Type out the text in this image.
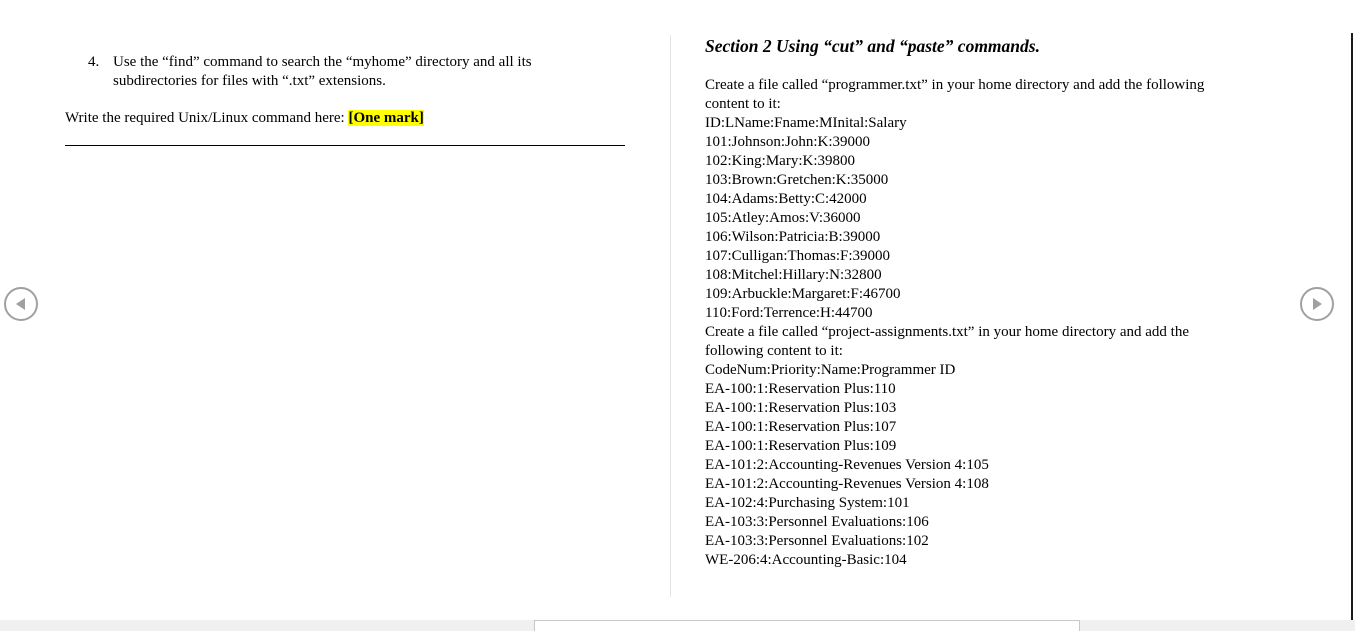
4. Use the “find” command to search the “myhome” directory and all its subdirectories for files with “.txt” extensions.
Write the required Unix/Linux command here: [One mark]
Section 2 Using “cut” and “paste” commands.
Create a file called “programmer.txt” in your home directory and add the following content to it:
ID:LName:Fname:MInital:Salary
101:Johnson:John:K:39000
102:King:Mary:K:39800
103:Brown:Gretchen:K:35000
104:Adams:Betty:C:42000
105:Atley:Amos:V:36000
106:Wilson:Patricia:B:39000
107:Culligan:Thomas:F:39000
108:Mitchel:Hillary:N:32800
109:Arbuckle:Margaret:F:46700
110:Ford:Terrence:H:44700
Create a file called “project-assignments.txt” in your home directory and add the following content to it:
CodeNum:Priority:Name:Programmer ID
EA-100:1:Reservation Plus:110
EA-100:1:Reservation Plus:103
EA-100:1:Reservation Plus:107
EA-100:1:Reservation Plus:109
EA-101:2:Accounting-Revenues Version 4:105
EA-101:2:Accounting-Revenues Version 4:108
EA-102:4:Purchasing System:101
EA-103:3:Personnel Evaluations:106
EA-103:3:Personnel Evaluations:102
WE-206:4:Accounting-Basic:104
